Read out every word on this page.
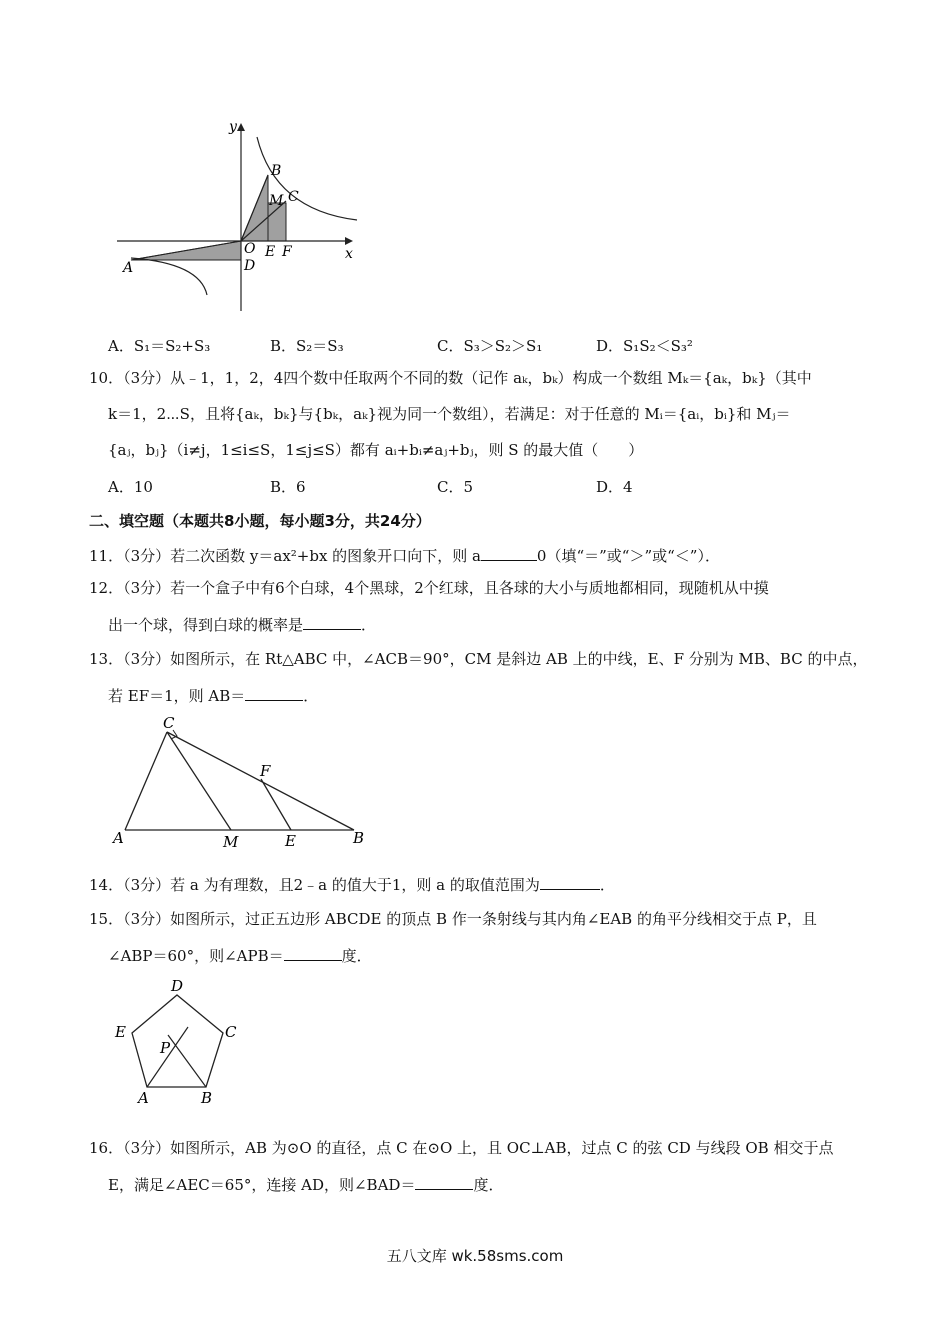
y
x
B
M C
O E F
A	D
A．S₁＝S₂+S₃	B．S₂＝S₃	C．S₃＞S₂＞S₁	D．S₁S₂＜S₃²
10．（3分）从﹣1，1，2，4四个数中任取两个不同的数（记作 aₖ，bₖ）构成一个数组 Mₖ＝{aₖ，bₖ}（其中
k＝1，2⋯S，且将{aₖ，bₖ}与{bₖ，aₖ}视为同一个数组），若满足：对于任意的 Mᵢ＝{aᵢ，bᵢ}和 Mⱼ＝
{aⱼ，bⱼ}（i≠j，1≤i≤S，1≤j≤S）都有 aᵢ+bᵢ≠aⱼ+bⱼ，则 S 的最大值（　　）
A．10	B．6	C．5	D．4
二、填空题（本题共8小题，每小题3分，共24分）
11．（3分）若二次函数 y＝ax²+bx 的图象开口向下，则 a	0（填“＝”或“＞”或“＜”）．
12．（3分）若一个盒子中有6个白球，4个黑球，2个红球，且各球的大小与质地都相同，现随机从中摸
出一个球，得到白球的概率是	．
13．（3分）如图所示，在 Rt△ABC 中，∠ACB＝90°，CM 是斜边 AB 上的中线，E、F 分别为 MB、BC 的中点，
若 EF＝1，则 AB＝	．
C
F
A	M	E	B
14．（3分）若 a 为有理数，且2﹣a 的值大于1，则 a 的取值范围为	．
15．（3分）如图所示，过正五边形 ABCDE 的顶点 B 作一条射线与其内角∠EAB 的角平分线相交于点 P，且
∠ABP＝60°，则∠APB＝	度．
D
E	C
P
A	B
16．（3分）如图所示，AB 为⊙O 的直径，点 C 在⊙O 上，且 OC⊥AB，过点 C 的弦 CD 与线段 OB 相交于点
E，满足∠AEC＝65°，连接 AD，则∠BAD＝	度．
五八文库 wk.58sms.com
